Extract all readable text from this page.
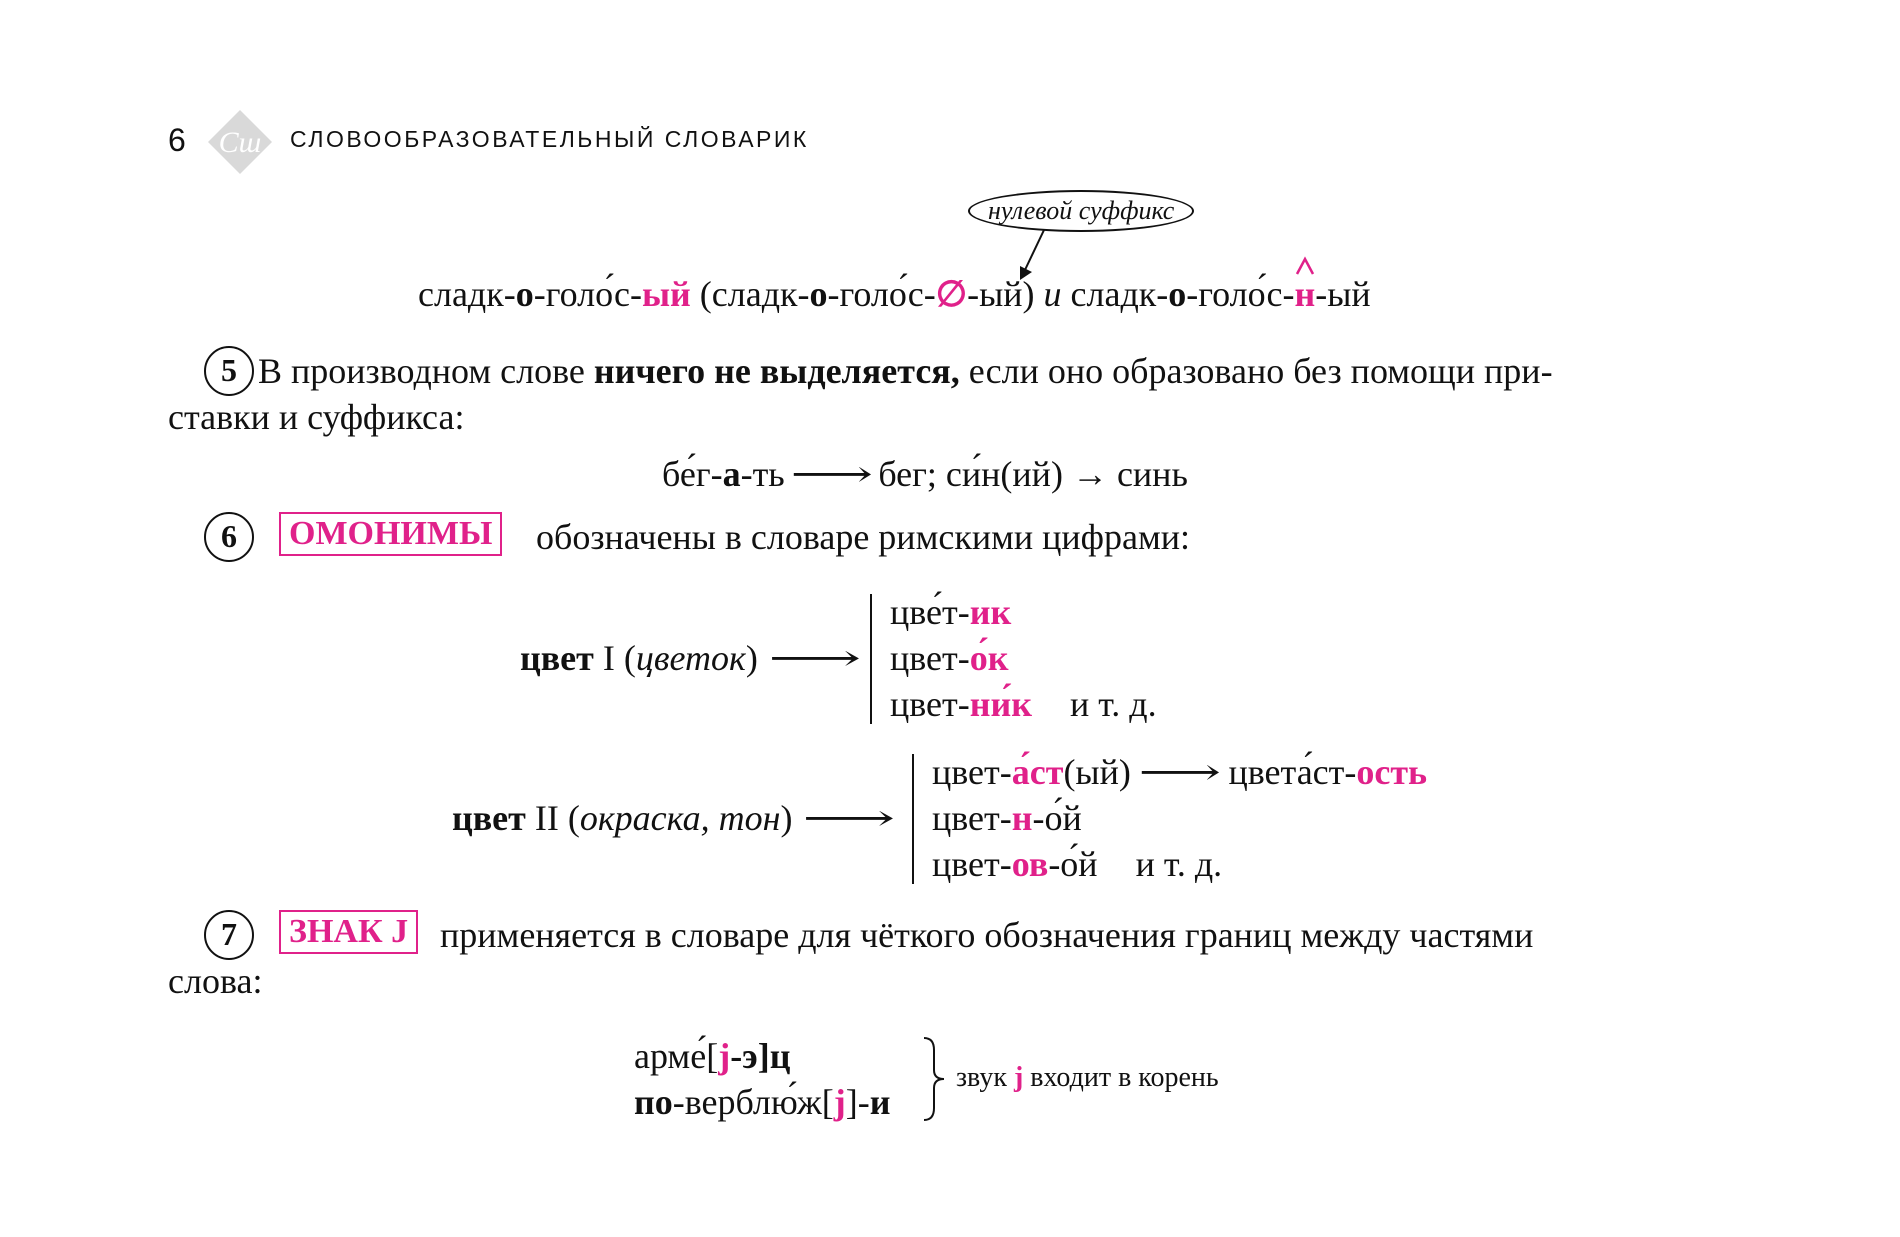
6 Сш СЛОВООБРАЗОВАТЕЛЬНЫЙ СЛОВАРИК
нулевой суффикс
сладк-о-голо́с-ый (сладк-о-голо́с-∅-ый) и сладк-о-голо́с-н
-ый
5 В производном слове ничего не выделяется, если оно образовано без помощи при-
ставки и суффикса:
бе́г-а-ть ⟶ бег; си́н(ий) → синь
6	ОМОНИМЫ обозначены в словаре римскими цифрами:
цвет I (цветок) ⟶
цве́т-ик
цвет-о́к
цвет-ни́к и т. д.
цвет II (окраска, тон) ⟶
цвет-а́ст(ый) ⟶ цвета́ст-ость
цвет-н-о́й
цвет-ов-о́й и т. д.
7	ЗНАК J применяется в словаре для чёткого обозначения границ между частями
слова:
арме́[j-э]ц
по-верблю́ж[j]-и
звук j входит в корень
